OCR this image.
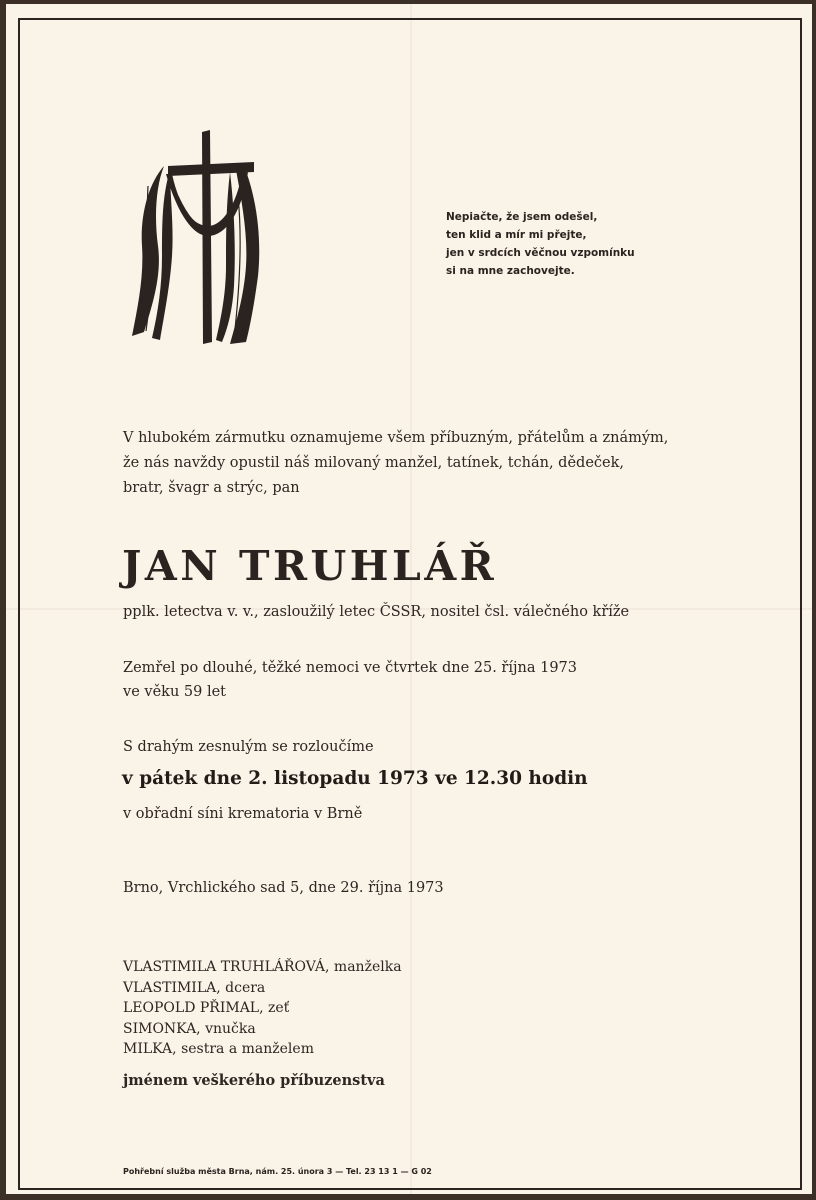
Nepiačte, že jsem odešel,
ten klid a mír mi přejte,
jen v srdcích věčnou vzpomínku
si na mne zachovejte.
V hlubokém zármutku oznamujeme všem příbuzným, přátelům a známým,
že nás navždy opustil náš milovaný manžel, tatínek, tchán, dědeček,
bratr, švagr a strýc, pan
JAN TRUHLÁŘ
pplk. letectva v. v., zasloužilý letec ČSSR, nositel čsl. válečného kříže
Zemřel po dlouhé, těžké nemoci ve čtvrtek dne 25. října 1973
ve věku 59 let
S drahým zesnulým se rozloučíme
v pátek dne 2. listopadu 1973 ve 12.30 hodin
v obřadní síni krematoria v Brně
Brno, Vrchlického sad 5, dne 29. října 1973
VLASTIMILA TRUHLÁŘOVÁ, manželka
VLASTIMILA, dcera
LEOPOLD PŘIMAL, zeť
SIMONKA, vnučka
MILKA, sestra a manželem
jménem veškerého příbuzenstva
Pohřební služba města Brna, nám. 25. února 3 — Tel. 23 13 1 — G 02
